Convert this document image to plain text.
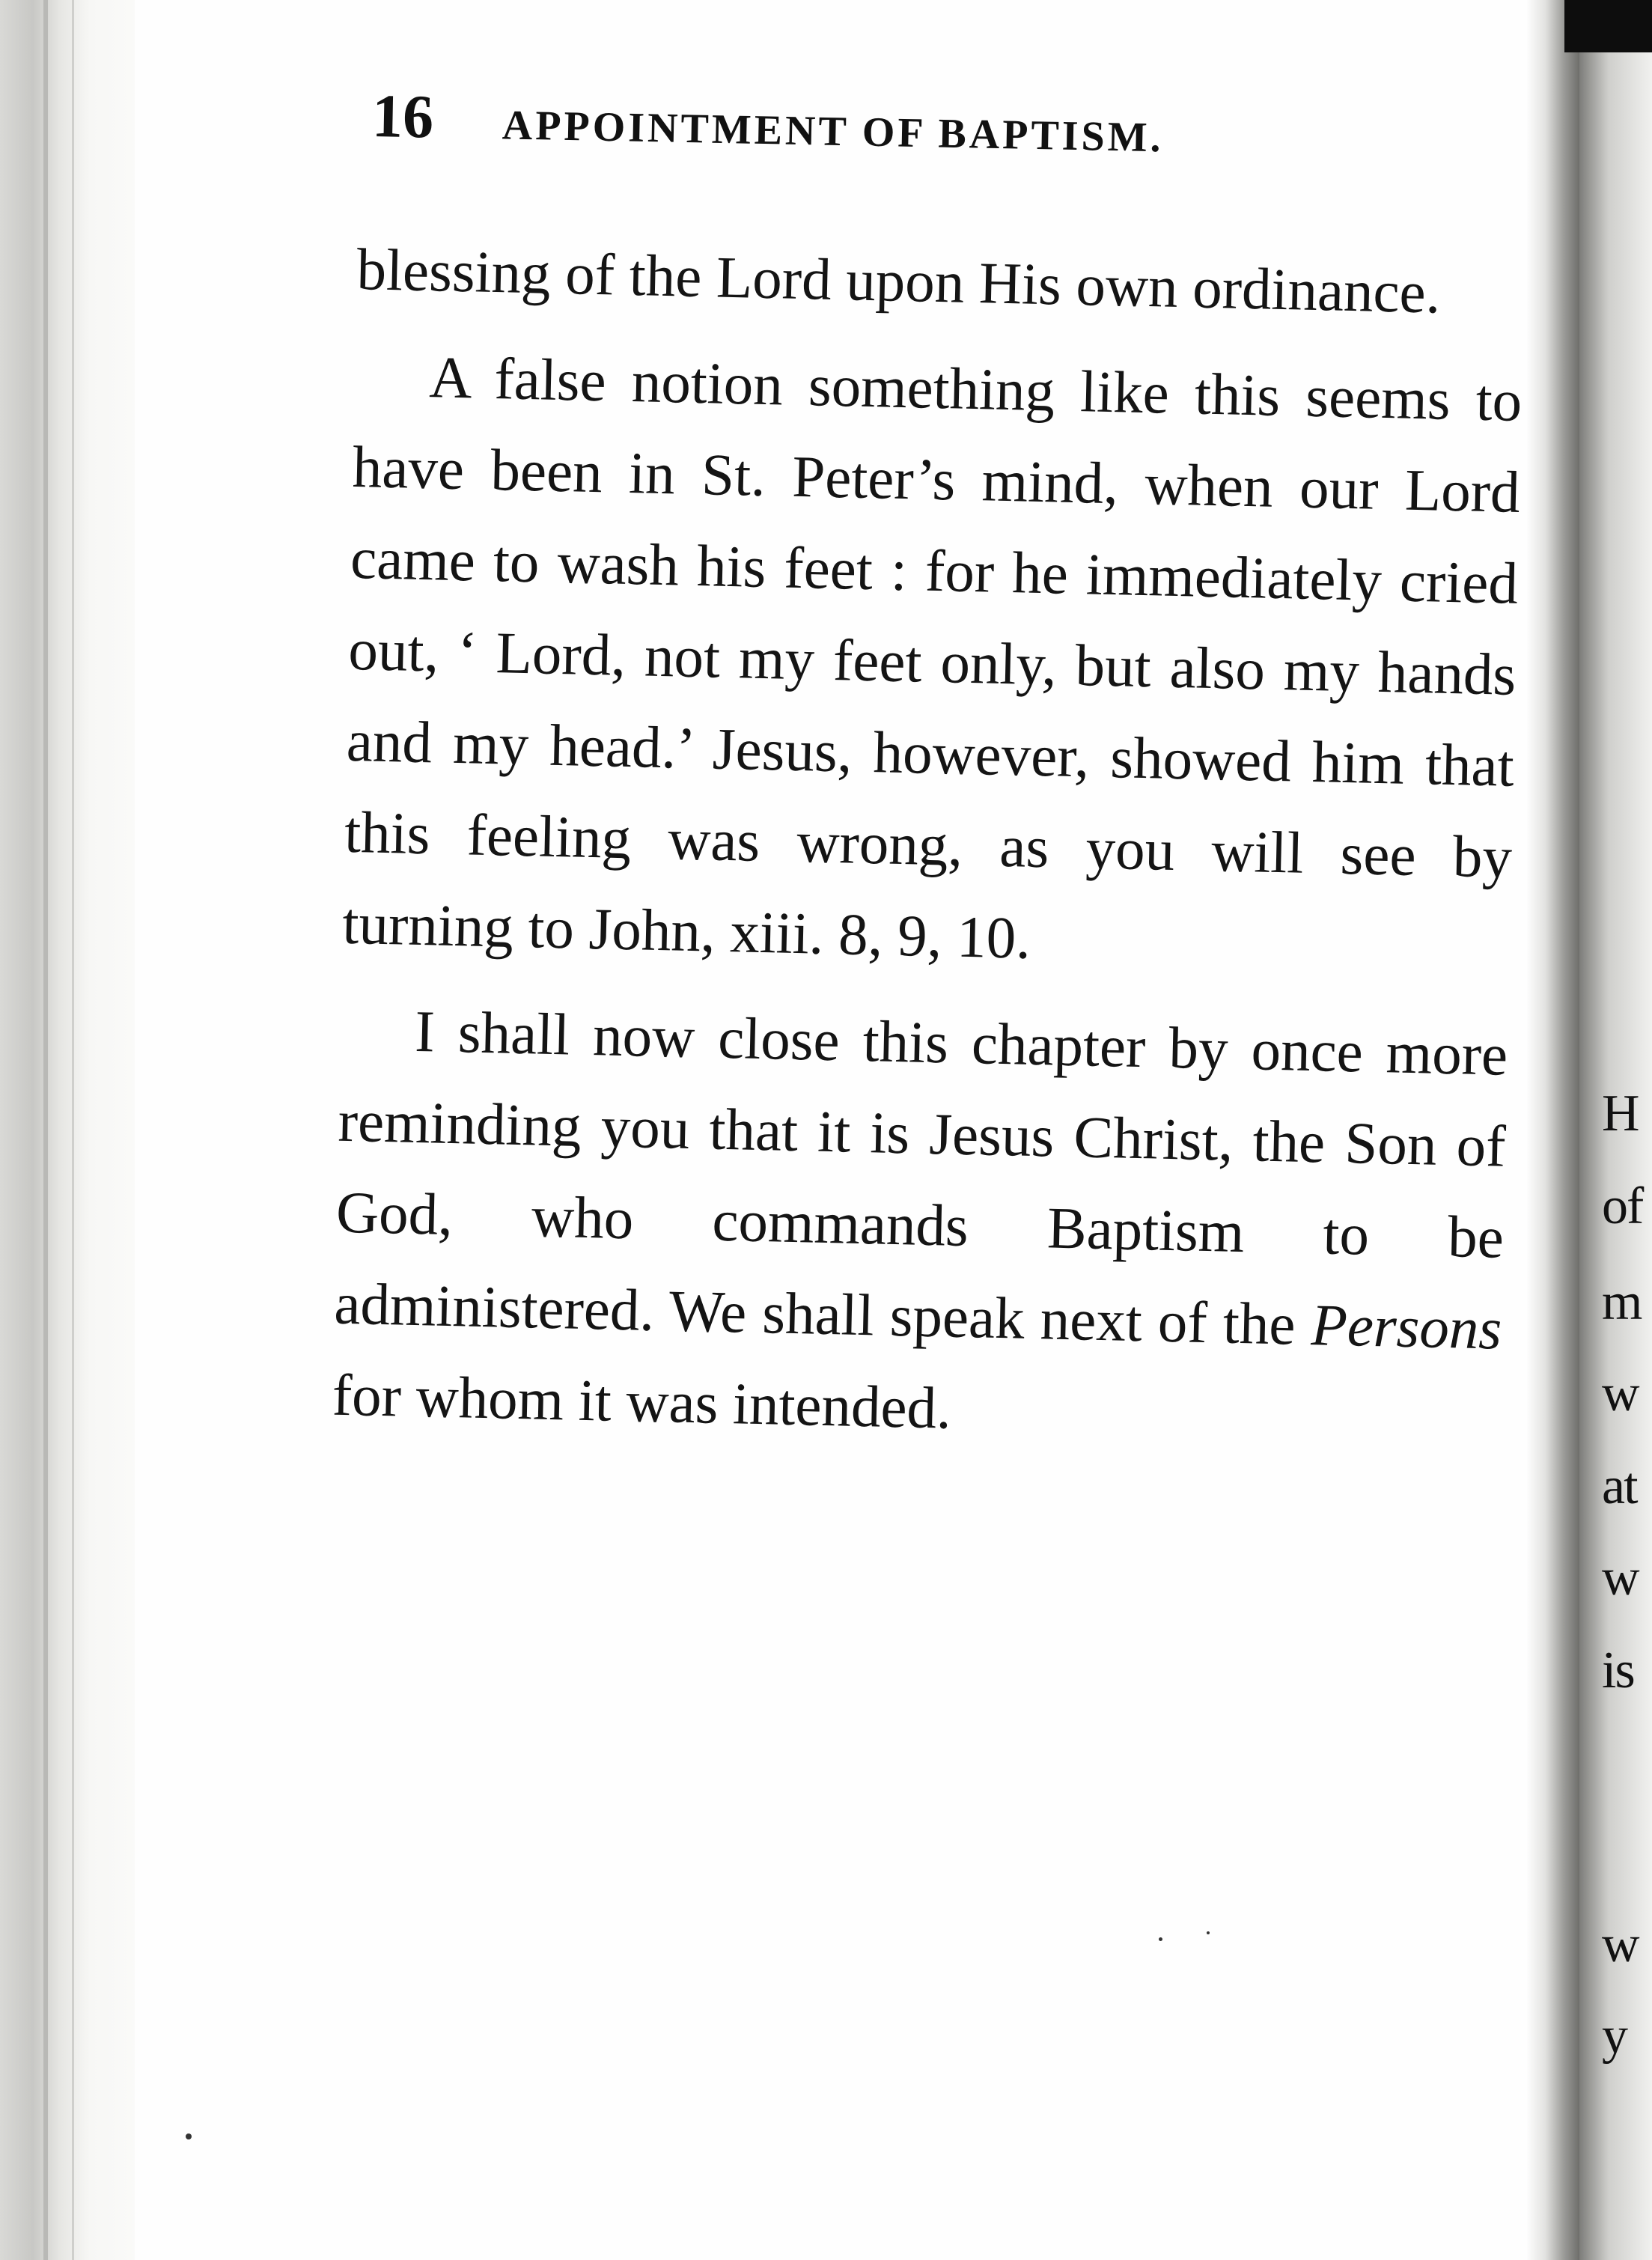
H
of
m
w
at
w
is
w
y
16 APPOINTMENT OF BAPTISM.

blessing of the Lord upon His own ordinance.

A false notion something like this seems to have been in St. Peter’s mind, when our Lord came to wash his feet : for he immediately cried out, ‘ Lord, not my feet only, but also my hands and my head.’ Jesus, however, showed him that this feeling was wrong, as you will see by turning to John, xiii. 8, 9, 10.

I shall now close this chapter by once more reminding you that it is Jesus Christ, the Son of God, who commands Baptism to be administered. We shall speak next of the Persons for whom it was intended.
